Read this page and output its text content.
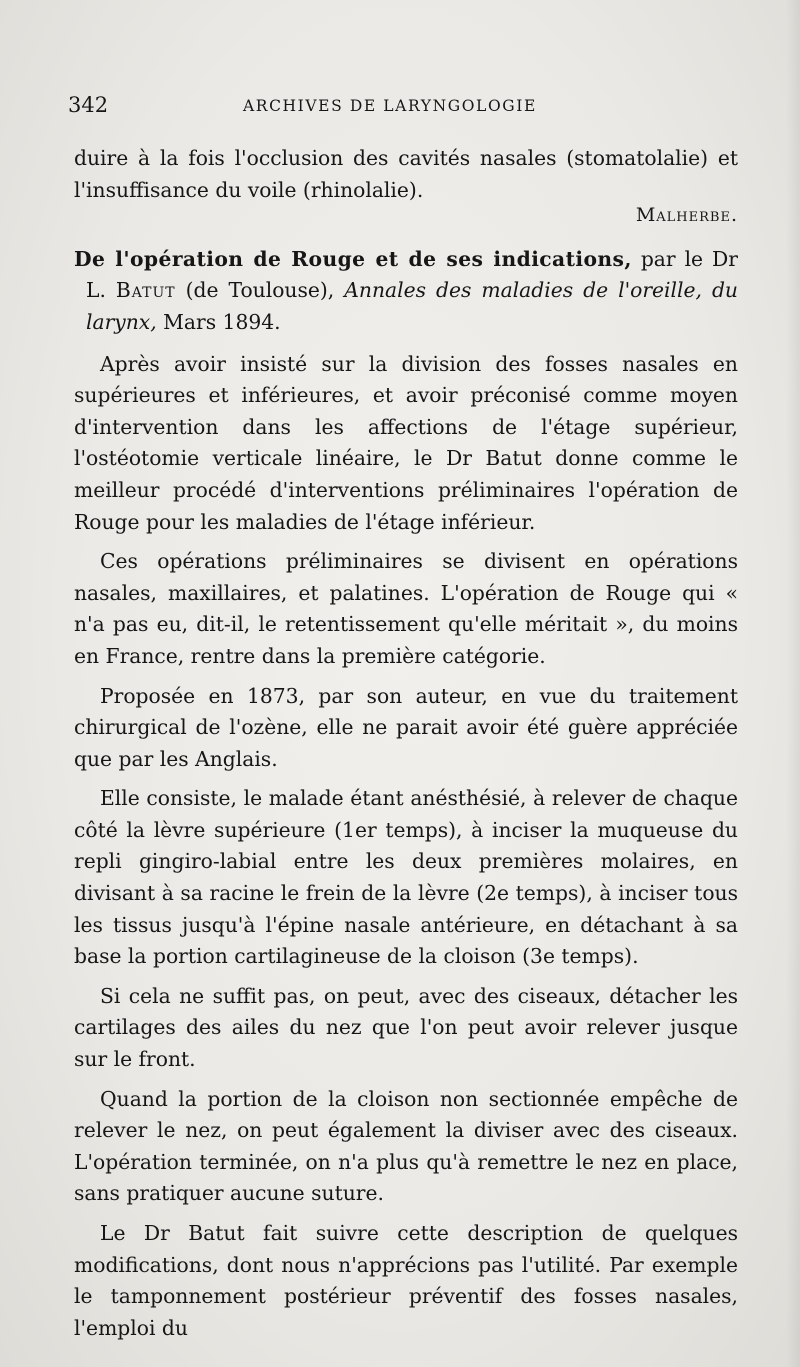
342	ARCHIVES DE LARYNGOLOGIE

duire à la fois l'occlusion des cavités nasales (stomatolalie) et l'insuffisance du voile (rhinolalie).

Malherbe.

De l'opération de Rouge et de ses indications, par le Dr L. Batut (de Toulouse), Annales des maladies de l'oreille, du larynx, Mars 1894.

Après avoir insisté sur la division des fosses nasales en supérieures et inférieures, et avoir préconisé comme moyen d'intervention dans les affections de l'étage supérieur, l'ostéotomie verticale linéaire, le Dr Batut donne comme le meilleur procédé d'interventions préliminaires l'opération de Rouge pour les maladies de l'étage inférieur.

Ces opérations préliminaires se divisent en opérations nasales, maxillaires, et palatines. L'opération de Rouge qui « n'a pas eu, dit-il, le retentissement qu'elle méritait », du moins en France, rentre dans la première catégorie.

Proposée en 1873, par son auteur, en vue du traitement chirurgical de l'ozène, elle ne parait avoir été guère appréciée que par les Anglais.

Elle consiste, le malade étant anésthésié, à relever de chaque côté la lèvre supérieure (1er temps), à inciser la muqueuse du repli gingiro-labial entre les deux premières molaires, en divisant à sa racine le frein de la lèvre (2e temps), à inciser tous les tissus jusqu'à l'épine nasale antérieure, en détachant à sa base la portion cartilagineuse de la cloison (3e temps).

Si cela ne suffit pas, on peut, avec des ciseaux, détacher les cartilages des ailes du nez que l'on peut avoir relever jusque sur le front.

Quand la portion de la cloison non sectionnée empêche de relever le nez, on peut également la diviser avec des ciseaux. L'opération terminée, on n'a plus qu'à remettre le nez en place, sans pratiquer aucune suture.

Le Dr Batut fait suivre cette description de quelques modifications, dont nous n'apprécions pas l'utilité. Par exemple le tamponnement postérieur préventif des fosses nasales, l'emploi du
